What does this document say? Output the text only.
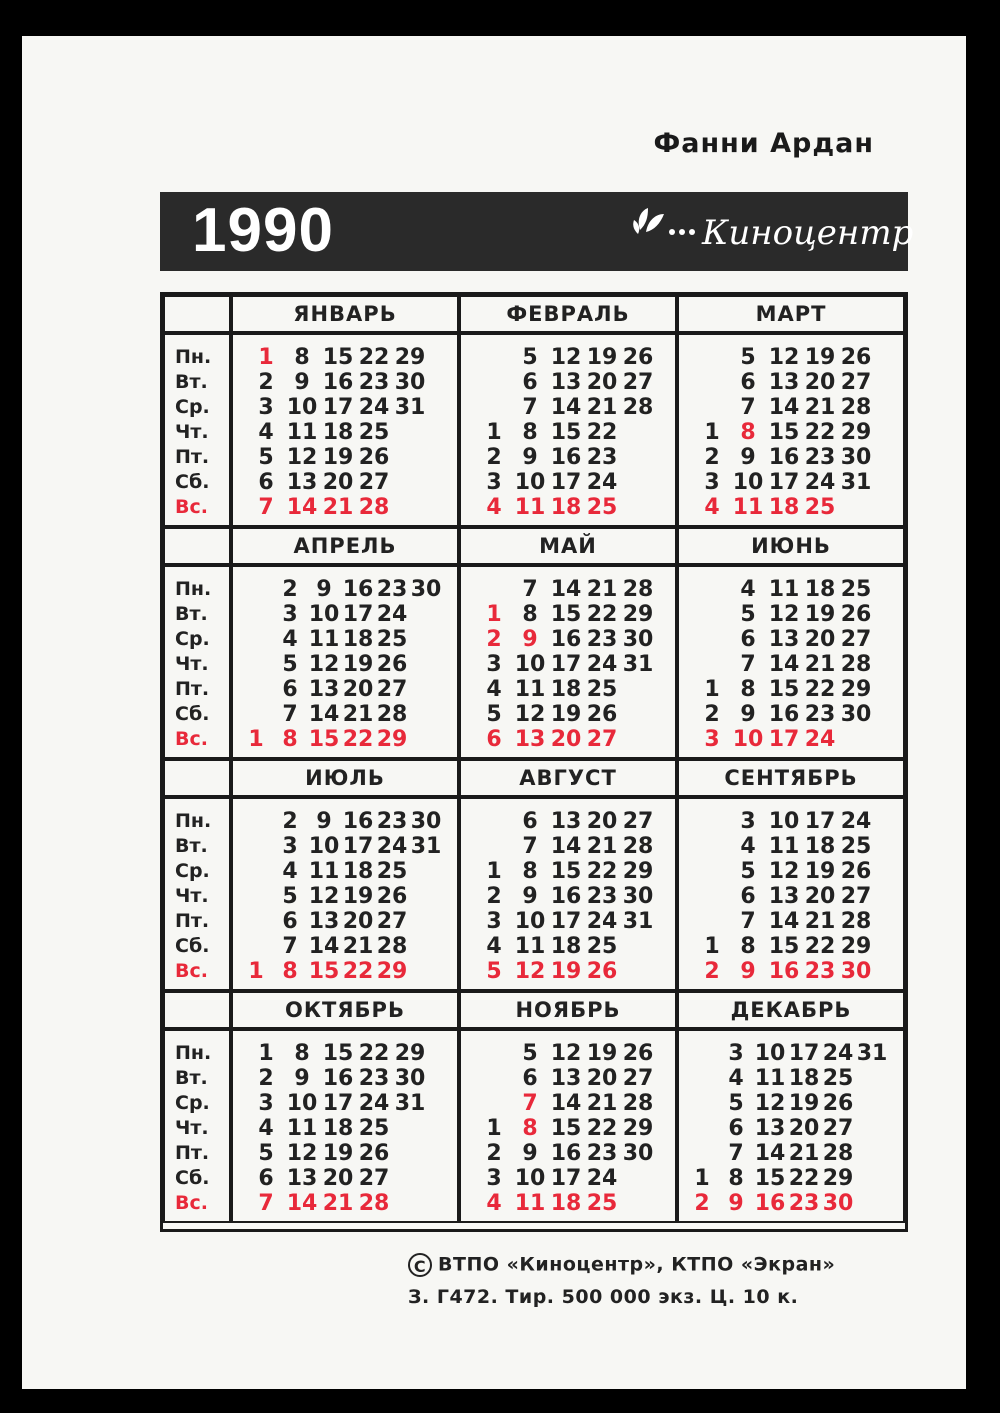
Фанни Ардан
1990	Киноцентр
Пн.
Вт.
Ср.
Чт.
Пт.
Сб.
Вс.
ЯНВАРЬ
1
2
3
4
5
6
7
8
9
10
11
12
13
14
15
16
17
18
19
20
21
22
23
24
25
26
27
28
29
30
31
ФЕВРАЛЬ
1
2
3
4
5
6
7
8
9
10
11
12
13
14
15
16
17
18
19
20
21
22
23
24
25
26
27
28
МАРТ
1
2
3
4
5
6
7
8
9
10
11
12
13
14
15
16
17
18
19
20
21
22
23
24
25
26
27
28
29
30
31
Пн.
Вт.
Ср.
Чт.
Пт.
Сб.
Вс.
АПРЕЛЬ
1
2
3
4
5
6
7
8
9
10
11
12
13
14
15
16
17
18
19
20
21
22
23
24
25
26
27
28
29
30
МАЙ
1
2
3
4
5
6
7
8
9
10
11
12
13
14
15
16
17
18
19
20
21
22
23
24
25
26
27
28
29
30
31
ИЮНЬ
1
2
3
4
5
6
7
8
9
10
11
12
13
14
15
16
17
18
19
20
21
22
23
24
25
26
27
28
29
30
Пн.
Вт.
Ср.
Чт.
Пт.
Сб.
Вс.
ИЮЛЬ
1
2
3
4
5
6
7
8
9
10
11
12
13
14
15
16
17
18
19
20
21
22
23
24
25
26
27
28
29
30
31
АВГУСТ
1
2
3
4
5
6
7
8
9
10
11
12
13
14
15
16
17
18
19
20
21
22
23
24
25
26
27
28
29
30
31
СЕНТЯБРЬ
1
2
3
4
5
6
7
8
9
10
11
12
13
14
15
16
17
18
19
20
21
22
23
24
25
26
27
28
29
30
Пн.
Вт.
Ср.
Чт.
Пт.
Сб.
Вс.
ОКТЯБРЬ
1
2
3
4
5
6
7
8
9
10
11
12
13
14
15
16
17
18
19
20
21
22
23
24
25
26
27
28
29
30
31
НОЯБРЬ
1
2
3
4
5
6
7
8
9
10
11
12
13
14
15
16
17
18
19
20
21
22
23
24
25
26
27
28
29
30
ДЕКАБРЬ
1
2
3
4
5
6
7
8
9
10
11
12
13
14
15
16
17
18
19
20
21
22
23
24
25
26
27
28
29
30
31
C ВТПО «Киноцентр», КТПО «Экран»
З. Г472. Тир. 500 000 экз. Ц. 10 к.
